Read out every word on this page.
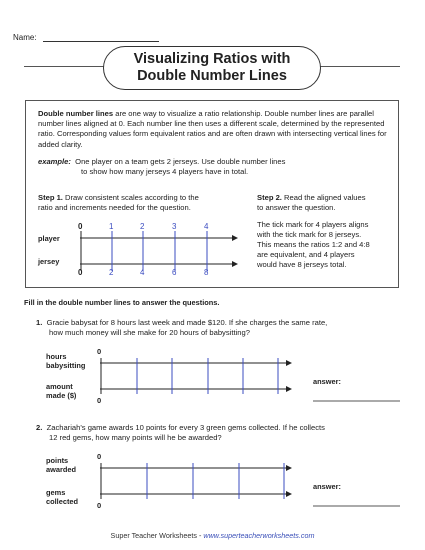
Name:
Visualizing Ratios with
Double Number Lines
Double number lines are one way to visualize a ratio relationship. Double number lines are parallel number lines aligned at 0. Each number line then uses a different scale, determined by the represented ratio. Corresponding values form equivalent ratios and are often drawn with intersecting vertical lines for added clarity.
example: One player on a team gets 2 jerseys. Use double number lines
to show how many jerseys 4 players have in total.
Step 1. Draw consistent scales according to the
ratio and increments needed for the question.
Step 2. Read the aligned values
to answer the question.
The tick mark for 4 players aligns
with the tick mark for 8 jerseys.
This means the ratios 1:2 and 4:8
are equivalent, and 4 players
would have 8 jerseys total.
player
jersey
0	1	2	3	4
0	2	4	6	8
Fill in the double number lines to answer the questions.
1. Gracie babysat for 8 hours last week and made $120. If she charges the same rate,
how much money will she make for 20 hours of babysitting?
hours
babysitting
amount
made ($)
0
0
answer:
2. Zachariah's game awards 10 points for every 3 green gems collected. If he collects
12 red gems, how many points will he be awarded?
points
awarded
gems
collected
0
0
answer:
Super Teacher Worksheets - www.superteacherworksheets.com
